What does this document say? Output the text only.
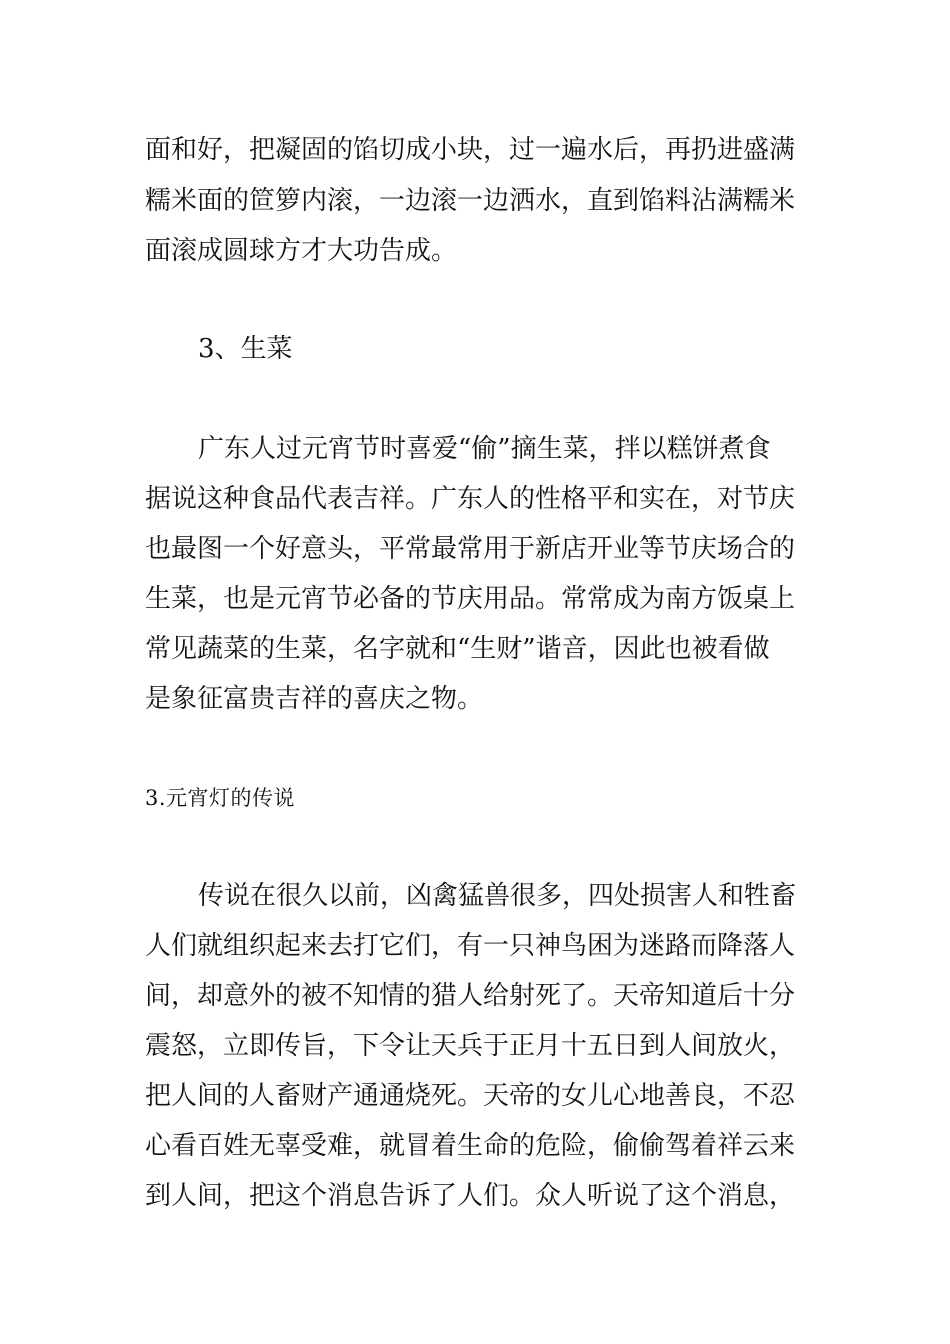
面和好，把凝固的馅切成小块，过一遍水后，再扔进盛满
糯米面的笸箩内滚，一边滚一边洒水，直到馅料沾满糯米
面滚成圆球方才大功告成。
3、生菜
广东人过元宵节时喜爱“偷”摘生菜，拌以糕饼煮食
据说这种食品代表吉祥。广东人的性格平和实在，对节庆
也最图一个好意头，平常最常用于新店开业等节庆场合的
生菜，也是元宵节必备的节庆用品。常常成为南方饭桌上
常见蔬菜的生菜，名字就和“生财”谐音，因此也被看做
是象征富贵吉祥的喜庆之物。
3.元宵灯的传说
传说在很久以前，凶禽猛兽很多，四处损害人和牲畜
人们就组织起来去打它们，有一只神鸟困为迷路而降落人
间，却意外的被不知情的猎人给射死了。天帝知道后十分
震怒，立即传旨，下令让天兵于正月十五日到人间放火，
把人间的人畜财产通通烧死。天帝的女儿心地善良，不忍
心看百姓无辜受难，就冒着生命的危险，偷偷驾着祥云来
到人间，把这个消息告诉了人们。众人听说了这个消息，
